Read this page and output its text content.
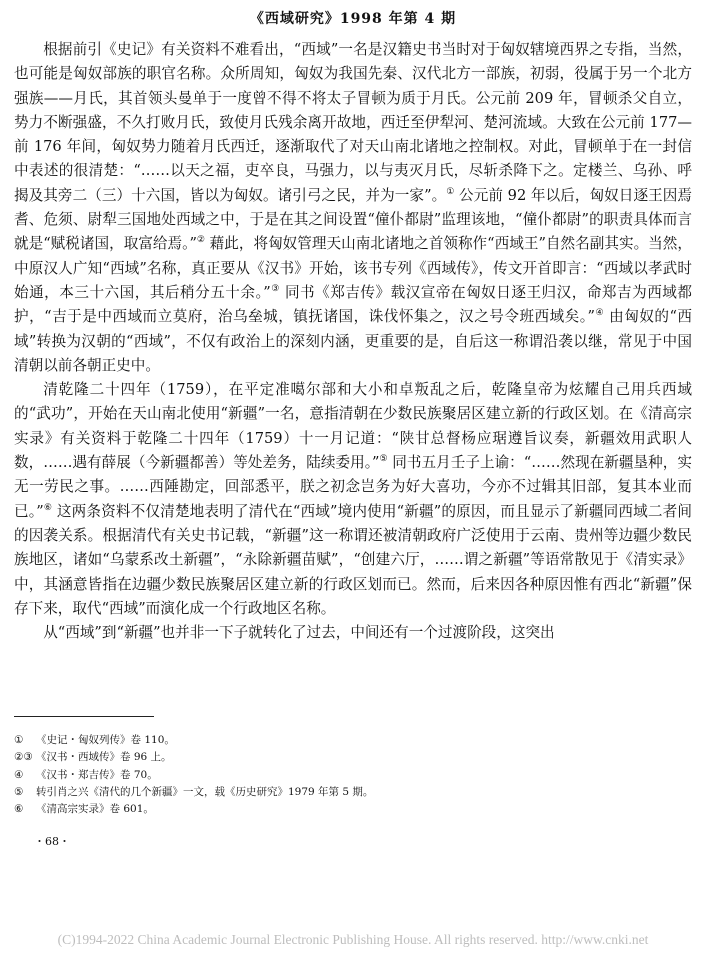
《西域研究》1998 年第 4 期

根据前引《史记》有关资料不难看出，“西域”一名是汉籍史书当时对于匈奴辖境西界之专指，当然，也可能是匈奴部族的职官名称。众所周知，匈奴为我国先秦、汉代北方一部族，初弱，役属于另一个北方强族——月氏，其首领头曼单于一度曾不得不将太子冒顿为质于月氏。公元前 209 年，冒顿杀父自立，势力不断强盛，不久打败月氏，致使月氏残余离开故地，西迁至伊犁河、楚河流域。大致在公元前 177—前 176 年间，匈奴势力随着月氏西迁，逐渐取代了对天山南北诸地之控制权。对此，冒顿单于在一封信中表述的很清楚：“……以天之福，吏卒良，马强力，以与夷灭月氏，尽斩杀降下之。定楼兰、乌孙、呼揭及其旁二（三）十六国，皆以为匈奴。诸引弓之民，并为一家”。① 公元前 92 年以后，匈奴日逐王因焉耆、危须、尉犁三国地处西域之中，于是在其之间设置“僮仆都尉”监理该地，“僮仆都尉”的职责具体而言就是“赋税诸国，取富给焉。”② 藉此，将匈奴管理天山南北诸地之首领称作“西域王”自然名副其实。当然，中原汉人广知“西域”名称，真正要从《汉书》开始，该书专列《西域传》，传文开首即言：“西域以孝武时始通，本三十六国，其后稍分五十余。”③ 同书《郑吉传》载汉宣帝在匈奴日逐王归汉，命郑吉为西域都护，“吉于是中西域而立莫府，治乌垒城，镇抚诸国，诛伐怀集之，汉之号令班西域矣。”④ 由匈奴的“西域”转换为汉朝的“西域”，不仅有政治上的深刻内涵，更重要的是，自后这一称谓沿袭以继，常见于中国清朝以前各朝正史中。

清乾隆二十四年（1759），在平定准噶尔部和大小和卓叛乱之后，乾隆皇帝为炫耀自己用兵西域的“武功”，开始在天山南北使用“新疆”一名，意指清朝在少数民族聚居区建立新的行政区划。在《清高宗实录》有关资料于乾隆二十四年（1759）十一月记道：“陕甘总督杨应琚遵旨议奏，新疆效用武职人数，……遇有薛展（今新疆都善）等处差务，陆续委用。”⑤ 同书五月壬子上谕：“……然现在新疆垦种，实无一劳民之事。……西陲勘定，回部悉平，朕之初念岂务为好大喜功，今亦不过辑其旧部，复其本业而已。”⑥ 这两条资料不仅清楚地表明了清代在“西域”境内使用“新疆”的原因，而且显示了新疆同西域二者间的因袭关系。根据清代有关史书记载，“新疆”这一称谓还被清朝政府广泛使用于云南、贵州等边疆少数民族地区，诸如“乌蒙系改土新疆”，“永除新疆苗赋”，“创建六厅，……谓之新疆”等语常散见于《清实录》中，其涵意皆指在边疆少数民族聚居区建立新的行政区划而已。然而，后来因各种原因惟有西北“新疆”保存下来，取代“西域”而演化成一个行政地区名称。

从“西域”到“新疆”也并非一下子就转化了过去，中间还有一个过渡阶段，这突出

① 《史记・匈奴列传》卷 110。
②③ 《汉书・西域传》卷 96 上。
④ 《汉书・郑吉传》卷 70。
⑤ 转引肖之兴《清代的几个新疆》一文，载《历史研究》1979 年第 5 期。
⑥ 《清高宗实录》卷 601。
・68・
(C)1994-2022 China Academic Journal Electronic Publishing House. All rights reserved. http://www.cnki.net
